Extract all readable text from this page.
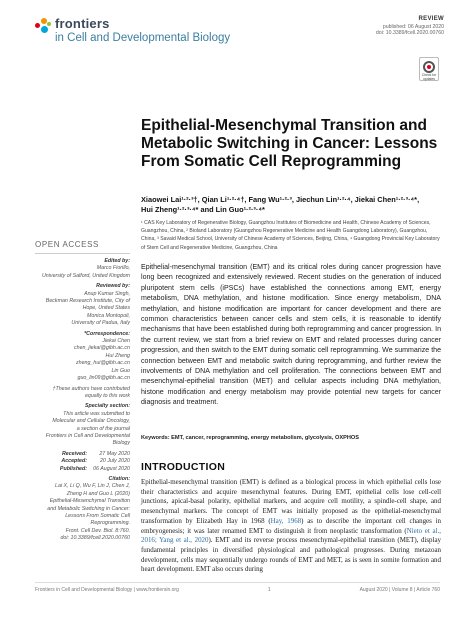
frontiers
in Cell and Developmental Biology
REVIEW
published: 06 August 2020
doi: 10.3389/fcell.2020.00760
Check for updates
Epithelial-Mesenchymal Transition and Metabolic Switching in Cancer: Lessons From Somatic Cell Reprogramming
Xiaowei Lai¹·²·³†, Qian Li¹·²·⁴†, Fang Wu¹·²·³, Jiechun Lin¹·²·⁴, Jiekai Chen¹·²·³·⁴*,
Hui Zheng¹·²·³·⁴* and Lin Guo¹·²·³·⁴*
¹ CAS Key Laboratory of Regenerative Biology, Guangzhou Institutes of Biomedicine and Health, Chinese Academy of Sciences, Guangzhou, China, ² Bioland Laboratory (Guangzhou Regenerative Medicine and Health Guangdong Laboratory), Guangzhou, China, ³ Savaid Medical School, University of Chinese Academy of Sciences, Beijing, China, ⁴ Guangdong Provincial Key Laboratory of Stem Cell and Regenerative Medicine, Guangzhou, China
OPEN ACCESS
Edited by:
Marco Fiorillo,
University of Salford, United Kingdom
Reviewed by:
Anup Kumar Singh,
Beckman Research Institute, City of
Hope, United States
Monica Montopoli,
University of Padua, Italy
*Correspondence:
Jiekai Chen
chen_jiekai@gibh.ac.cn
Hui Zheng
zheng_hui@gibh.ac.cn
Lin Guo
guo_lin09@gibh.ac.cn
†These authors have contributed equally to this work
Specialty section:
This article was submitted to
Molecular and Cellular Oncology,
a section of the journal
Frontiers in Cell and Developmental
Biology
Received:	27 May 2020
Accepted:	20 July 2020
Published:	06 August 2020
Citation:
Lai X, Li Q, Wu F, Lin J, Chen J,
Zheng H and Guo L (2020)
Epithelial-Mesenchymal Transition
and Metabolic Switching in Cancer:
Lessons From Somatic Cell
Reprogramming.
Front. Cell Dev. Biol. 8:760.
doi: 10.3389/fcell.2020.00760
Epithelial-mesenchymal transition (EMT) and its critical roles during cancer progression have long been recognized and extensively reviewed. Recent studies on the generation of induced pluripotent stem cells (iPSCs) have established the connections among EMT, energy metabolism, DNA methylation, and histone modification. Since energy metabolism, DNA methylation, and histone modification are important for cancer development and there are common characteristics between cancer cells and stem cells, it is reasonable to identify mechanisms that have been established during both reprogramming and cancer progression. In the current review, we start from a brief review on EMT and related processes during cancer progression, and then switch to the EMT during somatic cell reprogramming. We summarize the connection between EMT and metabolic switch during reprogramming, and further review the involvements of DNA methylation and cell proliferation. The connections between EMT and mesenchymal-epithelial transition (MET) and cellular aspects including DNA methylation, histone modification and energy metabolism may provide potential new targets for cancer diagnosis and treatment.
Keywords: EMT, cancer, reprogramming, energy metabolism, glycolysis, OXPHOS
INTRODUCTION
Epithelial-mesenchymal transition (EMT) is defined as a biological process in which epithelial cells lose their characteristics and acquire mesenchymal features. During EMT, epithelial cells lose cell-cell junctions, apical-basal polarity, epithelial markers, and acquire cell motility, a spindle-cell shape, and mesenchymal markers. The concept of EMT was initially proposed as the epithelial-mesenchymal transformation by Elizabeth Hay in 1968 (Hay, 1968) as to describe the important cell changes in embryogenesis; it was later renamed EMT to distinguish it from neoplastic transformation (Nieto et al., 2016; Yang et al., 2020). EMT and its reverse process mesenchymal-epithelial transition (MET), display fundamental principles in diversified physiological and pathological progresses. During metazoan development, cells may sequentially undergo rounds of EMT and MET, as is seen in somite formation and heart development. EMT also occurs during
Frontiers in Cell and Developmental Biology | www.frontiersin.org	1	August 2020 | Volume 8 | Article 760
